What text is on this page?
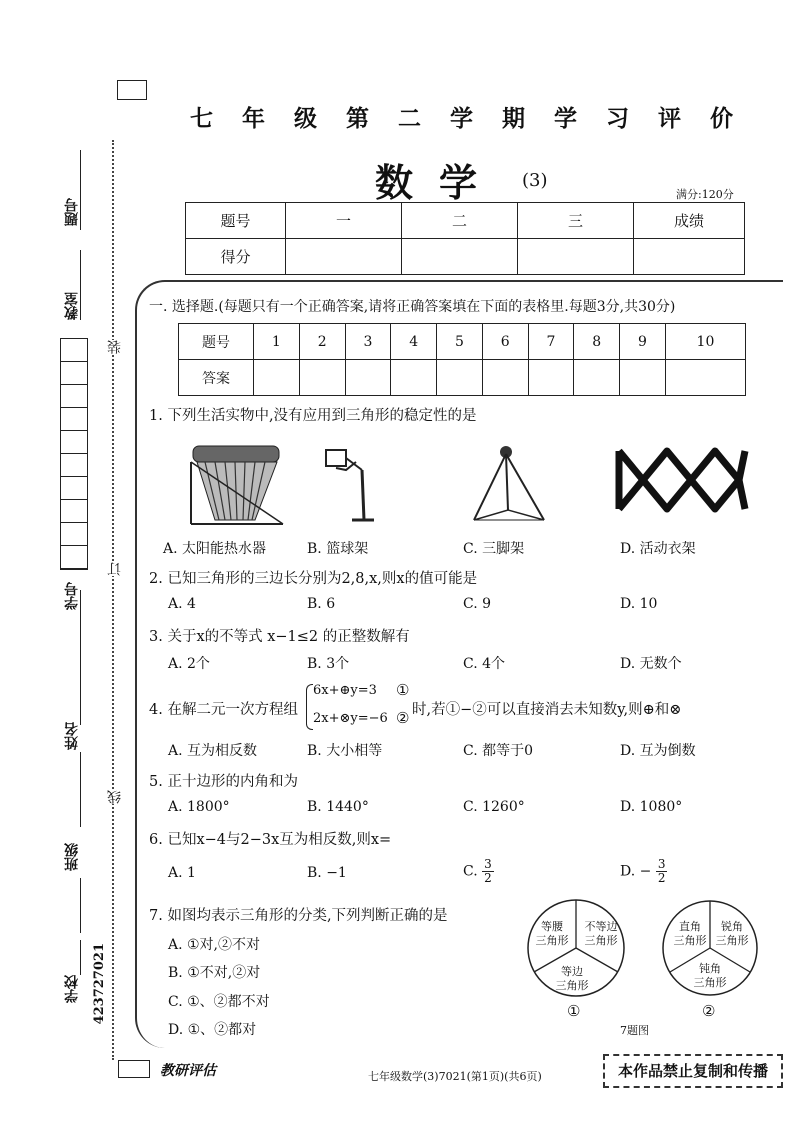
七年级第二学期学习评价
数学 (3)
满分:120分
题号	一	二	三	成绩
得分				
装
订
线
题号
教室
学号
姓名
班级
423727021
学校
一. 选择题.(每题只有一个正确答案,请将正确答案填在下面的表格里.每题3分,共30分)
题号	1	2	3	4	5	6	7	8	9	10
答案										
1. 下列生活实物中,没有应用到三角形的稳定性的是
A. 太阳能热水器	B. 篮球架	C. 三脚架	D. 活动衣架
2. 已知三角形的三边长分别为2,8,x,则x的值可能是
A. 4	B. 6	C. 9	D. 10
3. 关于x的不等式 x−1≤2 的正整数解有
A. 2个	B. 3个	C. 4个	D. 无数个
4. 在解二元一次方程组
6x+⊕y=3
2x+⊗y=−6
①
② 时,若①−②可以直接消去未知数y,则⊕和⊗
A. 互为相反数	B. 大小相等	C. 都等于0	D. 互为倒数
5. 正十边形的内角和为
A. 1800°	B. 1440°	C. 1260°	D. 1080°
6. 已知x−4与2−3x互为相反数,则x=
A. 1	B. −1	C. $\frac{3}{2}$	D. − $\frac{3}{2}$
7. 如图均表示三角形的分类,下列判断正确的是
A. ①对,②不对
B. ①不对,②对
C. ①、②都不对
D. ①、②都对
等腰
三角形
不等边
三角形
等边
三角形
①
直角
三角形
锐角
三角形
钝角
三角形
②
7题图
教研评估	七年级数学(3)7021(第1页)(共6页)	本作品禁止复制和传播
